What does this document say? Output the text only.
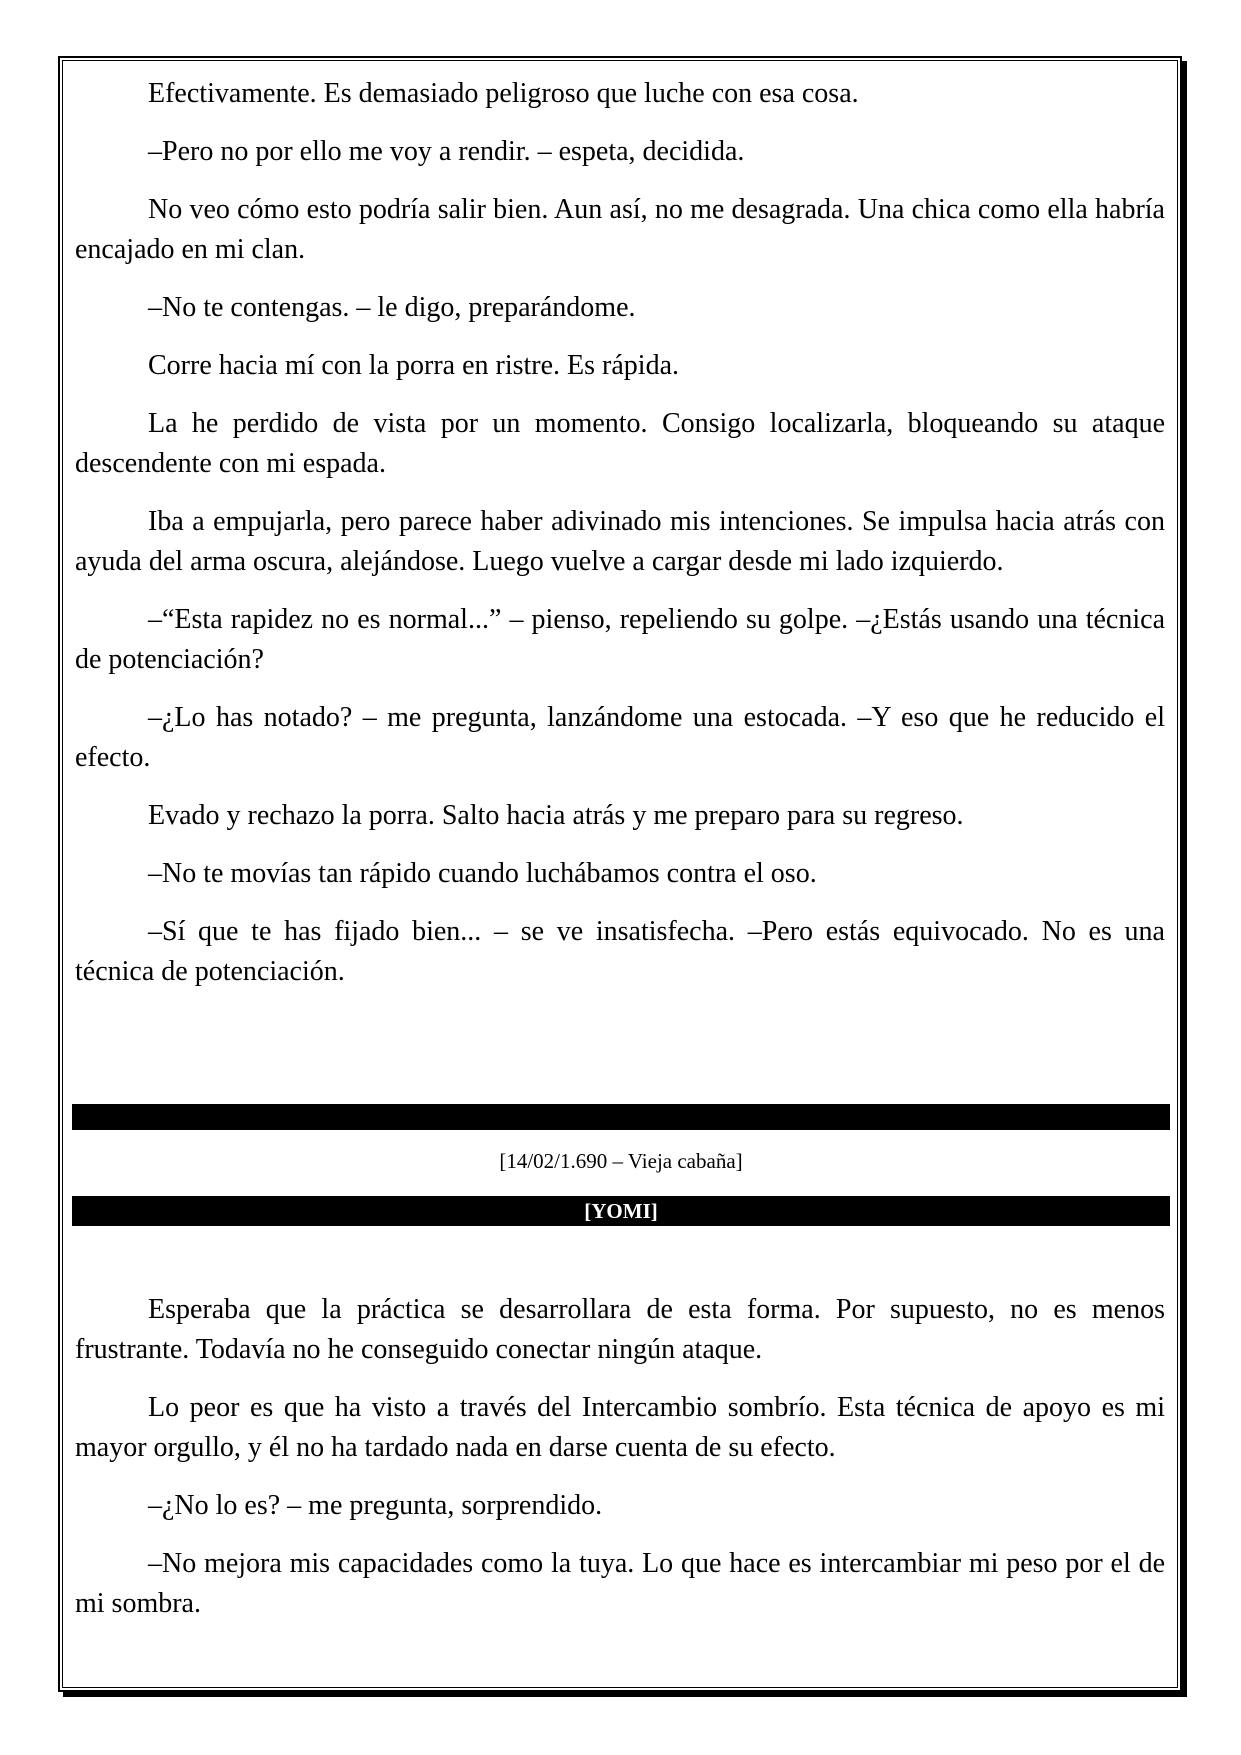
Efectivamente. Es demasiado peligroso que luche con esa cosa.

–Pero no por ello me voy a rendir. – espeta, decidida.

No veo cómo esto podría salir bien. Aun así, no me desagrada. Una chica como ella habría encajado en mi clan.

–No te contengas. – le digo, preparándome.

Corre hacia mí con la porra en ristre. Es rápida.

La he perdido de vista por un momento. Consigo localizarla, bloqueando su ataque descendente con mi espada.

Iba a empujarla, pero parece haber adivinado mis intenciones. Se impulsa hacia atrás con ayuda del arma oscura, alejándose. Luego vuelve a cargar desde mi lado izquierdo.

–“Esta rapidez no es normal...” – pienso, repeliendo su golpe. –¿Estás usando una técnica de potenciación?

–¿Lo has notado? – me pregunta, lanzándome una estocada. –Y eso que he reducido el efecto.

Evado y rechazo la porra. Salto hacia atrás y me preparo para su regreso.

–No te movías tan rápido cuando luchábamos contra el oso.

–Sí que te has fijado bien... – se ve insatisfecha. –Pero estás equivocado. No es una técnica de potenciación.

[14/02/1.690 – Vieja cabaña]
[YOMI]

Esperaba que la práctica se desarrollara de esta forma. Por supuesto, no es menos frustrante. Todavía no he conseguido conectar ningún ataque.

Lo peor es que ha visto a través del Intercambio sombrío. Esta técnica de apoyo es mi mayor orgullo, y él no ha tardado nada en darse cuenta de su efecto.

–¿No lo es? – me pregunta, sorprendido.

–No mejora mis capacidades como la tuya. Lo que hace es intercambiar mi peso por el de mi sombra.
